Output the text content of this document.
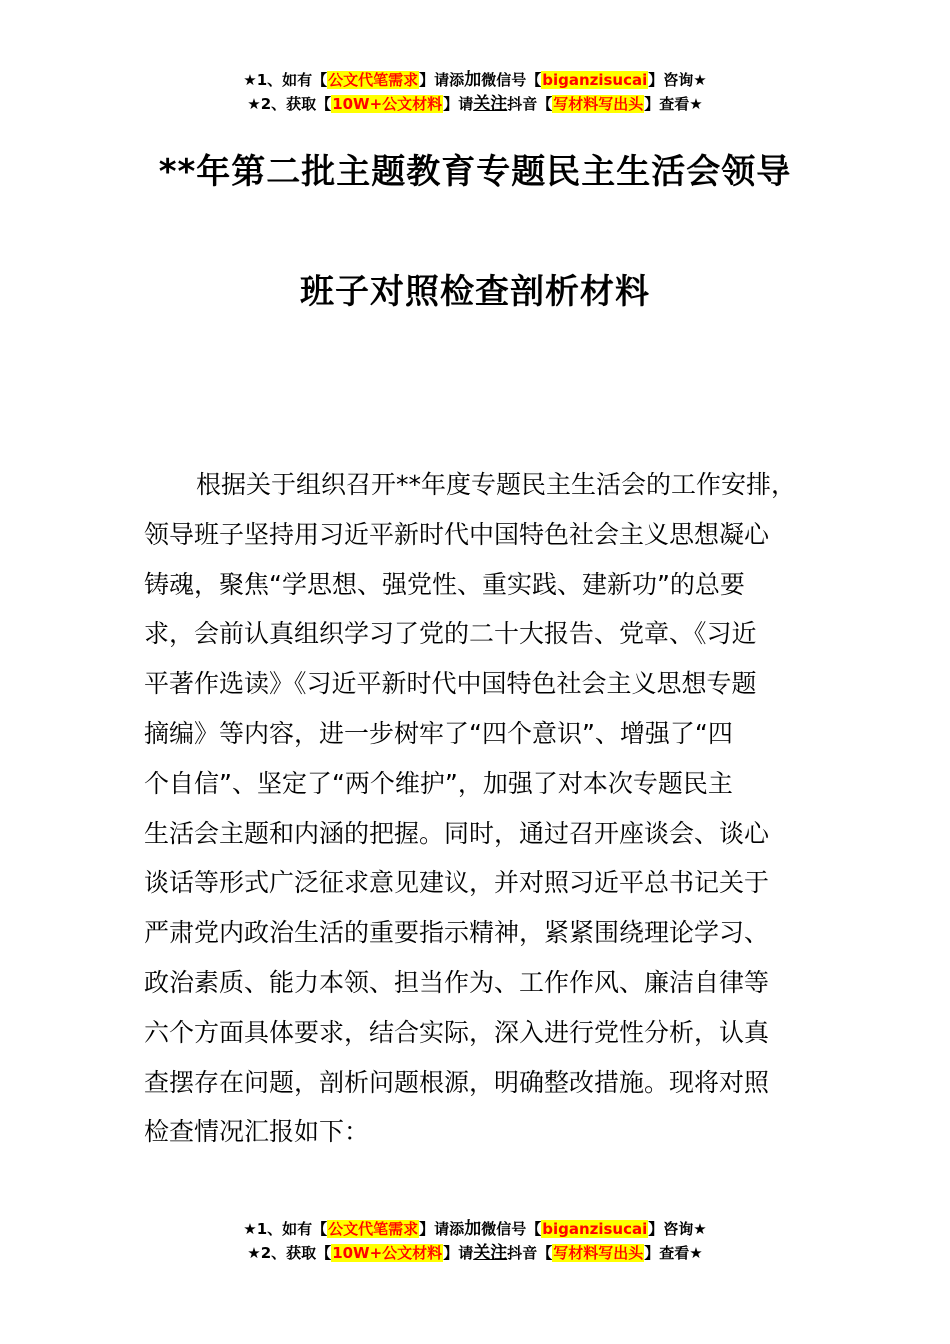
★1、如有【公文代笔需求】请添加微信号【biganzisucai】咨询★
★2、获取【10W+公文材料】请关注抖音【写材料写出头】查看★
**年第二批主题教育专题民主生活会领导
班子对照检查剖析材料
根据关于组织召开**年度专题民主生活会的工作安排，
领导班子坚持用习近平新时代中国特色社会主义思想凝心
铸魂，聚焦“学思想、强党性、重实践、建新功”的总要
求，会前认真组织学习了党的二十大报告、党章、《习近
平著作选读》《习近平新时代中国特色社会主义思想专题
摘编》等内容，进一步树牢了“四个意识”、增强了“四
个自信”、坚定了“两个维护”，加强了对本次专题民主
生活会主题和内涵的把握。同时，通过召开座谈会、谈心
谈话等形式广泛征求意见建议，并对照习近平总书记关于
严肃党内政治生活的重要指示精神，紧紧围绕理论学习、
政治素质、能力本领、担当作为、工作作风、廉洁自律等
六个方面具体要求，结合实际，深入进行党性分析，认真
查摆存在问题，剖析问题根源，明确整改措施。现将对照
检查情况汇报如下：
★1、如有【公文代笔需求】请添加微信号【biganzisucai】咨询★
★2、获取【10W+公文材料】请关注抖音【写材料写出头】查看★
